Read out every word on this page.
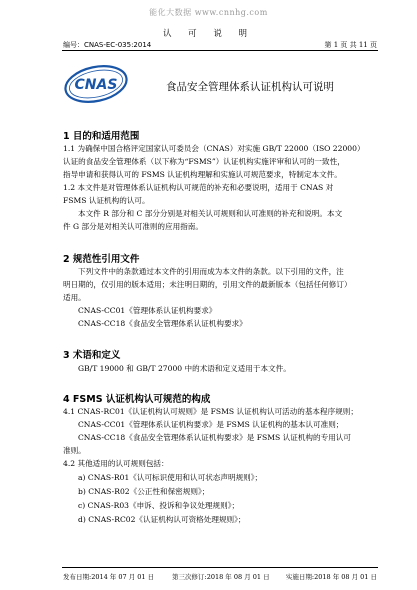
能化大数据 www.cnnhg.com
认 可 说 明
编号：CNAS-EC-035:2014	第 1 页 共 11 页
CNAS	食品安全管理体系认证机构认可说明
1 目的和适用范围
1.1 为确保中国合格评定国家认可委员会（CNAS）对实施 GB/T 22000（ISO 22000）
认证的食品安全管理体系（以下称为“FSMS”）认证机构实施评审和认可的一致性，
指导申请和获得认可的 FSMS 认证机构理解和实施认可规范要求，特制定本文件。
1.2 本文件是对管理体系认证机构认可规范的补充和必要说明，适用于 CNAS 对
FSMS 认证机构的认可。
本文件 R 部分和 C 部分分别是对相关认可规则和认可准则的补充和说明。本文
件 G 部分是对相关认可准则的应用指南。
2 规范性引用文件
下列文件中的条款通过本文件的引用而成为本文件的条款。以下引用的文件，注
明日期的，仅引用的版本适用；未注明日期的，引用文件的最新版本（包括任何修订）
适用。
CNAS-CC01《管理体系认证机构要求》
CNAS-CC18《食品安全管理体系认证机构要求》
3 术语和定义
GB/T 19000 和 GB/T 27000 中的术语和定义适用于本文件。
4 FSMS 认证机构认可规范的构成
4.1 CNAS-RC01《认证机构认可规则》是 FSMS 认证机构认可活动的基本程序规则；
CNAS-CC01《管理体系认证机构要求》是 FSMS 认证机构的基本认可准则；
CNAS-CC18《食品安全管理体系认证机构要求》是 FSMS 认证机构的专用认可
准则。
4.2 其他适用的认可规则包括：
a) CNAS-R01《认可标识使用和认可状态声明规则》；
b) CNAS-R02《公正性和保密规则》；
c) CNAS-R03《申诉、投诉和争议处理规则》；
d) CNAS-RC02《认证机构认可资格处理规则》；
发布日期:2014 年 07 月 01 日	第三次修订:2018 年 08 月 01 日	实施日期:2018 年 08 月 01 日
